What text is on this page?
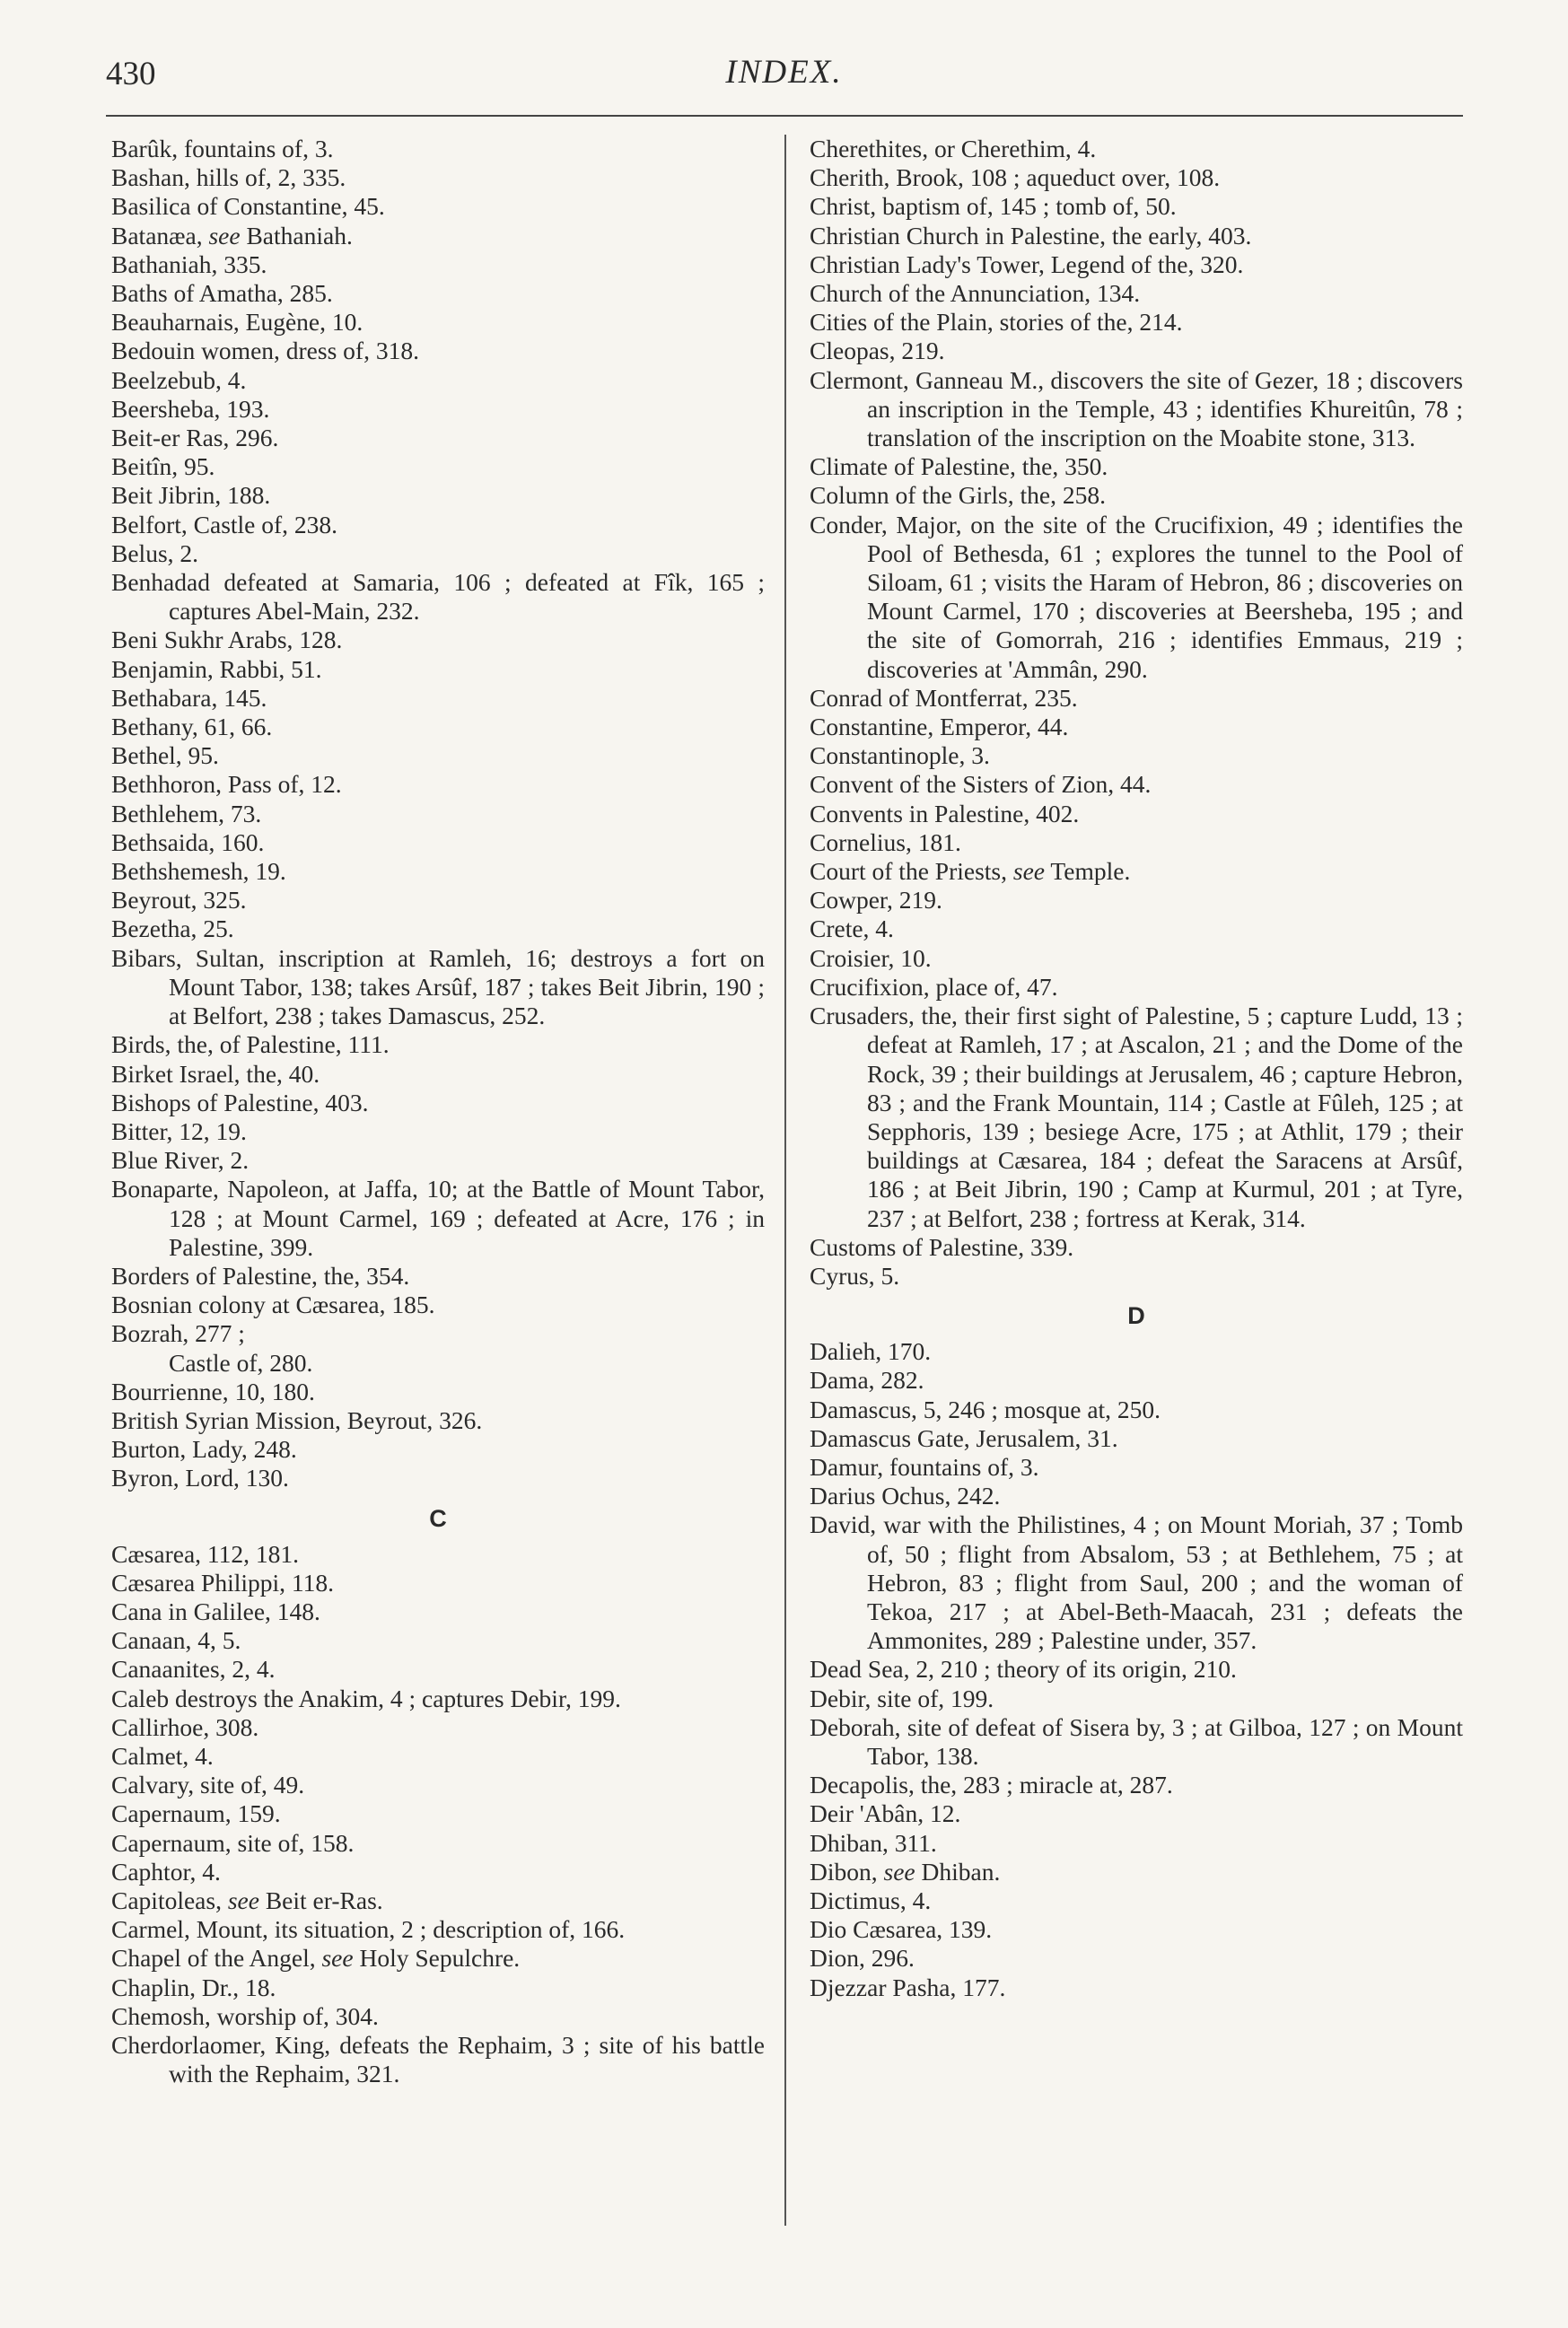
430	INDEX.
Barûk, fountains of, 3.
Bashan, hills of, 2, 335.
Basilica of Constantine, 45.
Batanæa, see Bathaniah.
Bathaniah, 335.
Baths of Amatha, 285.
Beauharnais, Eugène, 10.
Bedouin women, dress of, 318.
Beelzebub, 4.
Beersheba, 193.
Beit-er Ras, 296.
Beitîn, 95.
Beit Jibrin, 188.
Belfort, Castle of, 238.
Belus, 2.
Benhadad defeated at Samaria, 106 ; defeated at Fîk, 165 ; captures Abel-Main, 232.
Beni Sukhr Arabs, 128.
Benjamin, Rabbi, 51.
Bethabara, 145.
Bethany, 61, 66.
Bethel, 95.
Bethhoron, Pass of, 12.
Bethlehem, 73.
Bethsaida, 160.
Bethshemesh, 19.
Beyrout, 325.
Bezetha, 25.
Bibars, Sultan, inscription at Ramleh, 16; destroys a fort on Mount Tabor, 138; takes Arsûf, 187 ; takes Beit Jibrin, 190 ; at Belfort, 238 ; takes Damascus, 252.
Birds, the, of Palestine, 111.
Birket Israel, the, 40.
Bishops of Palestine, 403.
Bitter, 12, 19.
Blue River, 2.
Bonaparte, Napoleon, at Jaffa, 10; at the Battle of Mount Tabor, 128 ; at Mount Carmel, 169 ; defeated at Acre, 176 ; in Palestine, 399.
Borders of Palestine, the, 354.
Bosnian colony at Cæsarea, 185.
Bozrah, 277 ;
Castle of, 280.
Bourrienne, 10, 180.
British Syrian Mission, Beyrout, 326.
Burton, Lady, 248.
Byron, Lord, 130.
C
Cæsarea, 112, 181.
Cæsarea Philippi, 118.
Cana in Galilee, 148.
Canaan, 4, 5.
Canaanites, 2, 4.
Caleb destroys the Anakim, 4 ; captures Debir, 199.
Callirhoe, 308.
Calmet, 4.
Calvary, site of, 49.
Capernaum, 159.
Capernaum, site of, 158.
Caphtor, 4.
Capitoleas, see Beit er-Ras.
Carmel, Mount, its situation, 2 ; description of, 166.
Chapel of the Angel, see Holy Sepulchre.
Chaplin, Dr., 18.
Chemosh, worship of, 304.
Cherdorlaomer, King, defeats the Rephaim, 3 ; site of his battle with the Rephaim, 321.
Cherethites, or Cherethim, 4.
Cherith, Brook, 108 ; aqueduct over, 108.
Christ, baptism of, 145 ; tomb of, 50.
Christian Church in Palestine, the early, 403.
Christian Lady's Tower, Legend of the, 320.
Church of the Annunciation, 134.
Cities of the Plain, stories of the, 214.
Cleopas, 219.
Clermont, Ganneau M., discovers the site of Gezer, 18 ; discovers an inscription in the Temple, 43 ; identifies Khureitûn, 78 ; translation of the inscription on the Moabite stone, 313.
Climate of Palestine, the, 350.
Column of the Girls, the, 258.
Conder, Major, on the site of the Crucifixion, 49 ; identifies the Pool of Bethesda, 61 ; explores the tunnel to the Pool of Siloam, 61 ; visits the Haram of Hebron, 86 ; discoveries on Mount Carmel, 170 ; discoveries at Beersheba, 195 ; and the site of Gomorrah, 216 ; identifies Emmaus, 219 ; discoveries at 'Ammân, 290.
Conrad of Montferrat, 235.
Constantine, Emperor, 44.
Constantinople, 3.
Convent of the Sisters of Zion, 44.
Convents in Palestine, 402.
Cornelius, 181.
Court of the Priests, see Temple.
Cowper, 219.
Crete, 4.
Croisier, 10.
Crucifixion, place of, 47.
Crusaders, the, their first sight of Palestine, 5 ; capture Ludd, 13 ; defeat at Ramleh, 17 ; at Ascalon, 21 ; and the Dome of the Rock, 39 ; their buildings at Jerusalem, 46 ; capture Hebron, 83 ; and the Frank Mountain, 114 ; Castle at Fûleh, 125 ; at Sepphoris, 139 ; besiege Acre, 175 ; at Athlit, 179 ; their buildings at Cæsarea, 184 ; defeat the Saracens at Arsûf, 186 ; at Beit Jibrin, 190 ; Camp at Kurmul, 201 ; at Tyre, 237 ; at Belfort, 238 ; fortress at Kerak, 314.
Customs of Palestine, 339.
Cyrus, 5.
D
Dalieh, 170.
Dama, 282.
Damascus, 5, 246 ; mosque at, 250.
Damascus Gate, Jerusalem, 31.
Damur, fountains of, 3.
Darius Ochus, 242.
David, war with the Philistines, 4 ; on Mount Moriah, 37 ; Tomb of, 50 ; flight from Absalom, 53 ; at Bethlehem, 75 ; at Hebron, 83 ; flight from Saul, 200 ; and the woman of Tekoa, 217 ; at Abel-Beth-Maacah, 231 ; defeats the Ammonites, 289 ; Palestine under, 357.
Dead Sea, 2, 210 ; theory of its origin, 210.
Debir, site of, 199.
Deborah, site of defeat of Sisera by, 3 ; at Gilboa, 127 ; on Mount Tabor, 138.
Decapolis, the, 283 ; miracle at, 287.
Deir 'Abân, 12.
Dhiban, 311.
Dibon, see Dhiban.
Dictimus, 4.
Dio Cæsarea, 139.
Dion, 296.
Djezzar Pasha, 177.
